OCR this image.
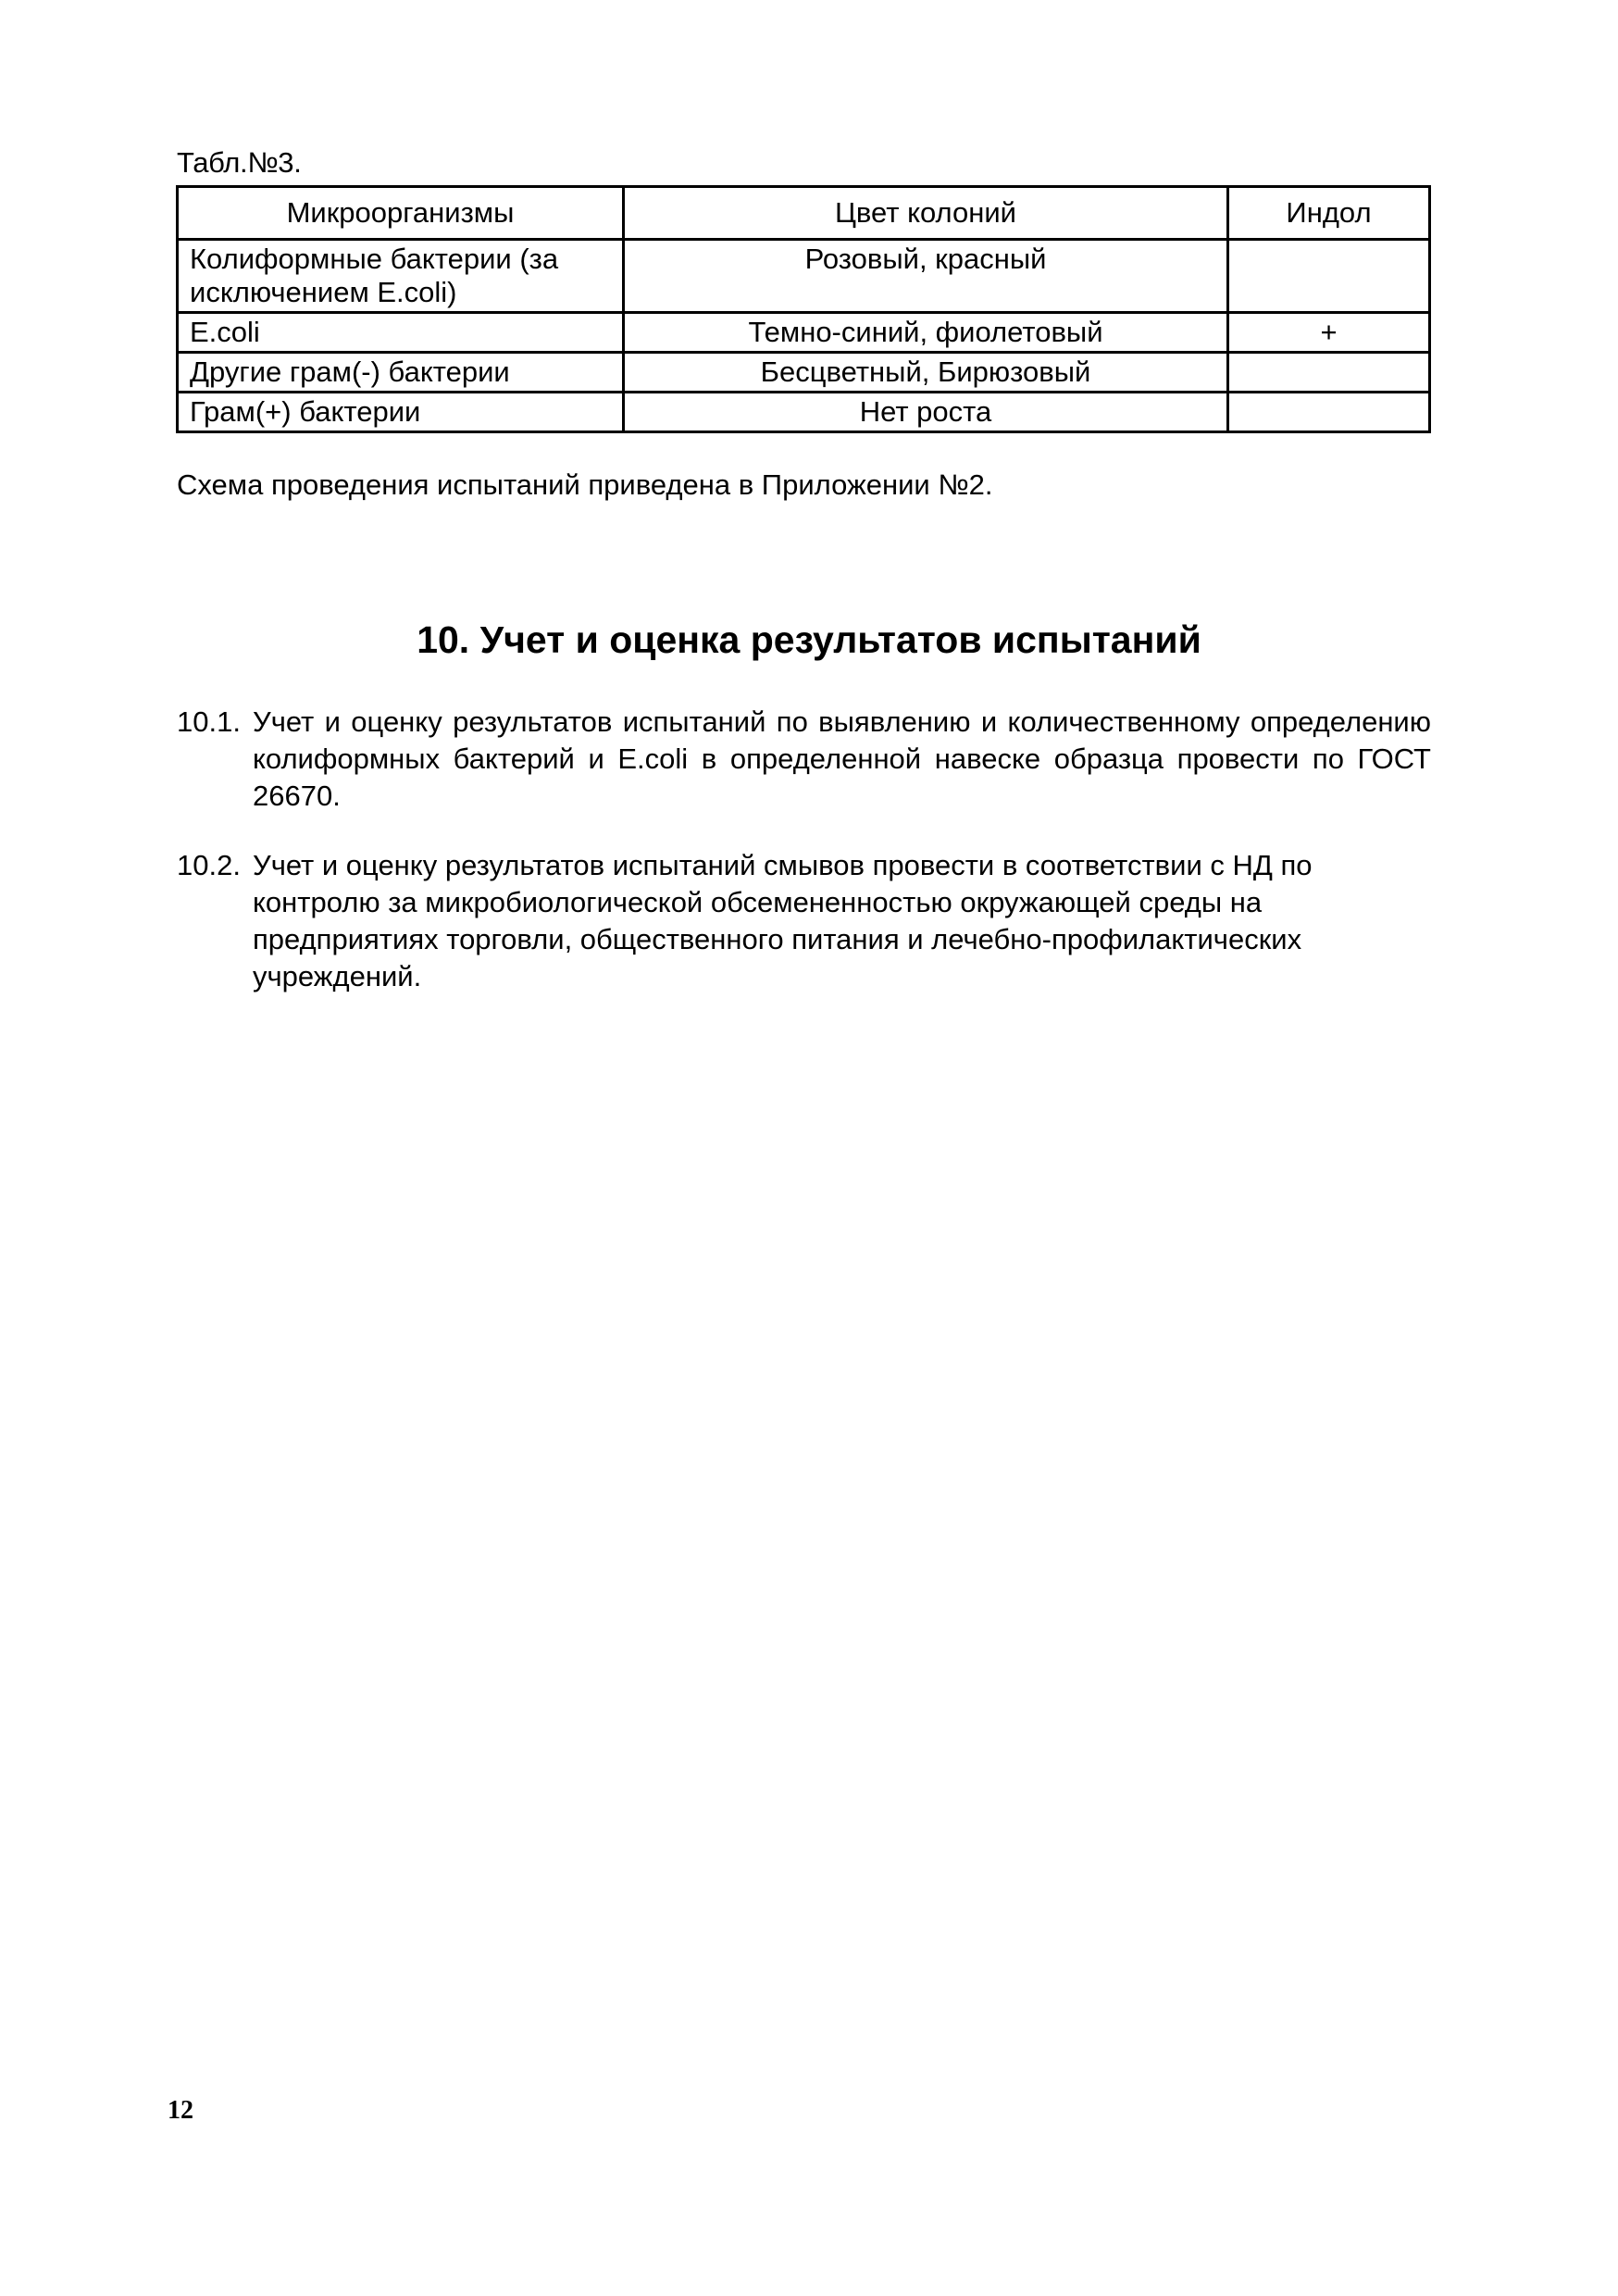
Табл.№3.
Микроорганизмы	Цвет колоний	Индол
Колиформные бактерии (за исключением E.coli)	Розовый, красный	
E.coli	Темно-синий, фиолетовый	+
Другие грам(-) бактерии	Бесцветный, Бирюзовый	
Грам(+) бактерии	Нет роста	
Схема проведения испытаний приведена в Приложении №2.
10. Учет и оценка результатов испытаний
10.1. Учет и оценку результатов испытаний по выявлению и количественному определению колиформных бактерий и E.coli в определенной навеске образца провести по ГОСТ 26670.
10.2. Учет и оценку результатов испытаний смывов провести в соответствии с НД по контролю за микробиологической обсемененностью окружающей среды на предприятиях торговли, общественного питания и лечебно-профилактических учреждений.
12
